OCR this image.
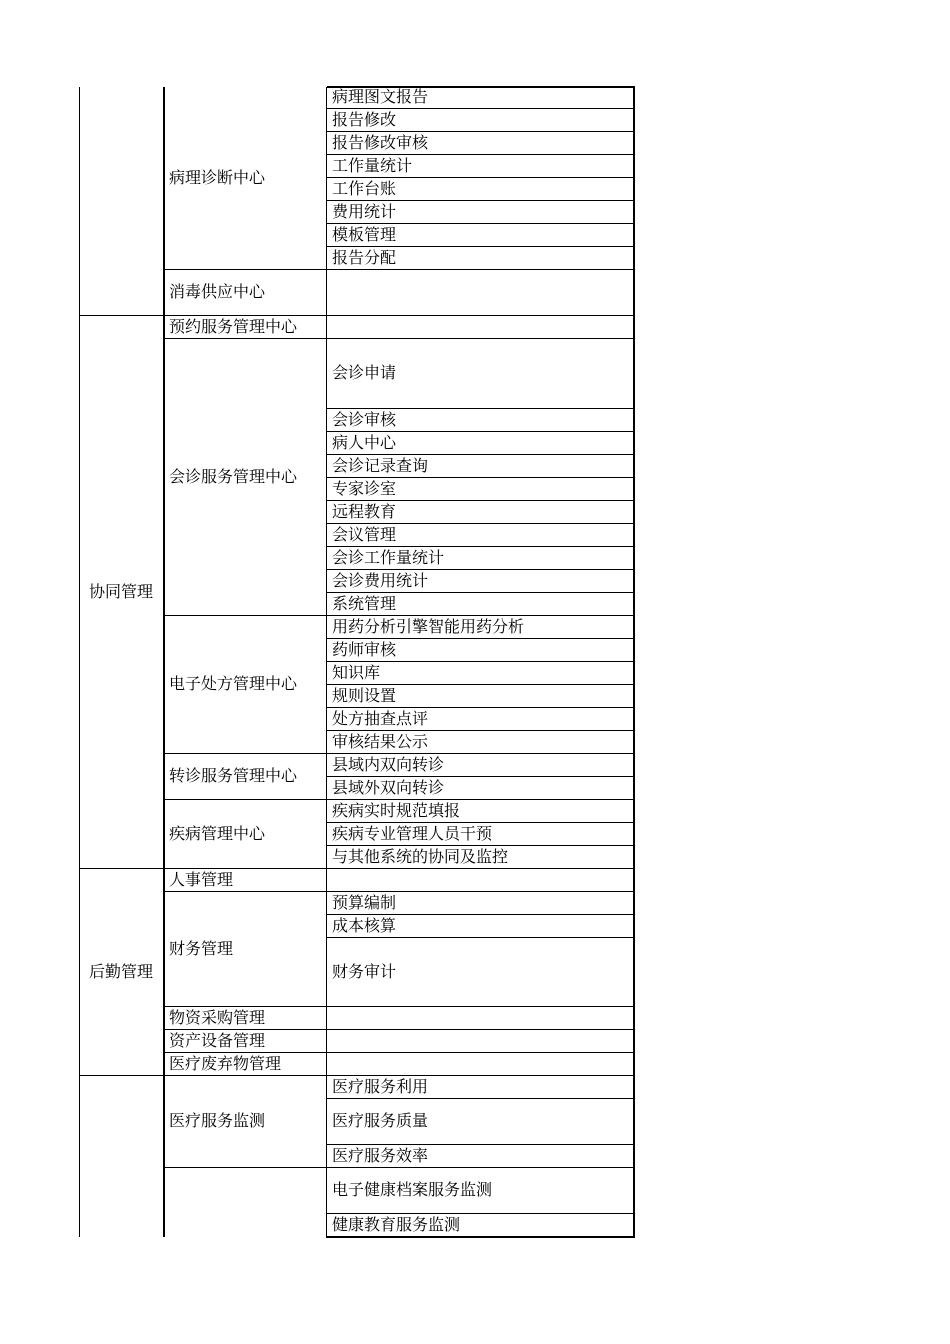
病理图文报告
报告修改
报告修改审核
工作量统计
工作台账
费用统计
模板管理
报告分配
会诊申请
会诊审核
病人中心
会诊记录查询
专家诊室
远程教育
会议管理
会诊工作量统计
会诊费用统计
系统管理
用药分析引擎智能用药分析
药师审核
知识库
规则设置
处方抽查点评
审核结果公示
县域内双向转诊
县域外双向转诊
疾病实时规范填报
疾病专业管理人员干预
与其他系统的协同及监控
预算编制
成本核算
财务审计
医疗服务利用
医疗服务质量
医疗服务效率
电子健康档案服务监测
健康教育服务监测
病理诊断中心
消毒供应中心
预约服务管理中心
会诊服务管理中心
电子处方管理中心
转诊服务管理中心
疾病管理中心
人事管理
财务管理
物资采购管理
资产设备管理
医疗废弃物管理
医疗服务监测
协同管理
后勤管理
